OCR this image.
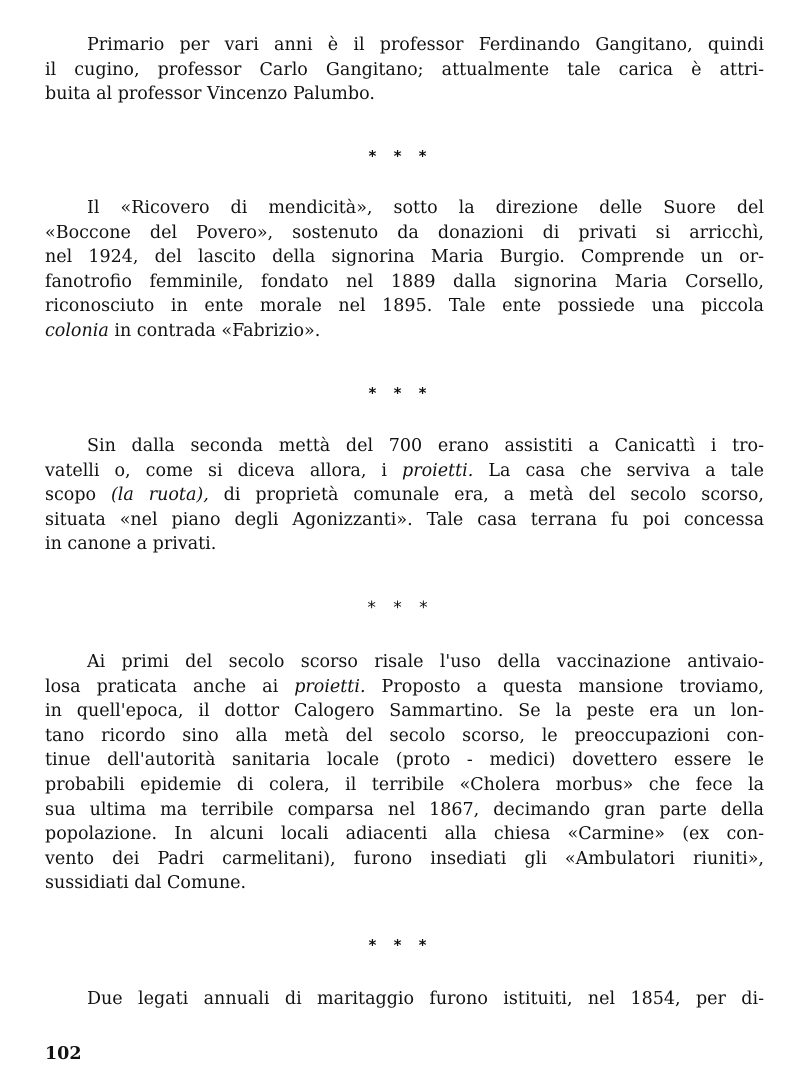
Primario per vari anni è il professor Ferdinando Gangitano, quindi
il cugino, professor Carlo Gangitano; attualmente tale carica è attri-
buita al professor Vincenzo Palumbo.
* * *
Il «Ricovero di mendicità», sotto la direzione delle Suore del
«Boccone del Povero», sostenuto da donazioni di privati si arricchì,
nel 1924, del lascito della signorina Maria Burgio. Comprende un or-
fanotrofio femminile, fondato nel 1889 dalla signorina Maria Corsello,
riconosciuto in ente morale nel 1895. Tale ente possiede una piccola
colonia in contrada «Fabrizio».
* * *
Sin dalla seconda mettà del 700 erano assistiti a Canicattì i tro-
vatelli o, come si diceva allora, i proietti. La casa che serviva a tale
scopo (la ruota), di proprietà comunale era, a metà del secolo scorso,
situata «nel piano degli Agonizzanti». Tale casa terrana fu poi concessa
in canone a privati.
* * *
Ai primi del secolo scorso risale l'uso della vaccinazione antivaio-
losa praticata anche ai proietti. Proposto a questa mansione troviamo,
in quell'epoca, il dottor Calogero Sammartino. Se la peste era un lon-
tano ricordo sino alla metà del secolo scorso, le preoccupazioni con-
tinue dell'autorità sanitaria locale (proto - medici) dovettero essere le
probabili epidemie di colera, il terribile «Cholera morbus» che fece la
sua ultima ma terribile comparsa nel 1867, decimando gran parte della
popolazione. In alcuni locali adiacenti alla chiesa «Carmine» (ex con-
vento dei Padri carmelitani), furono insediati gli «Ambulatori riuniti»,
sussidiati dal Comune.
* * *
Due legati annuali di maritaggio furono istituiti, nel 1854, per di-
102
